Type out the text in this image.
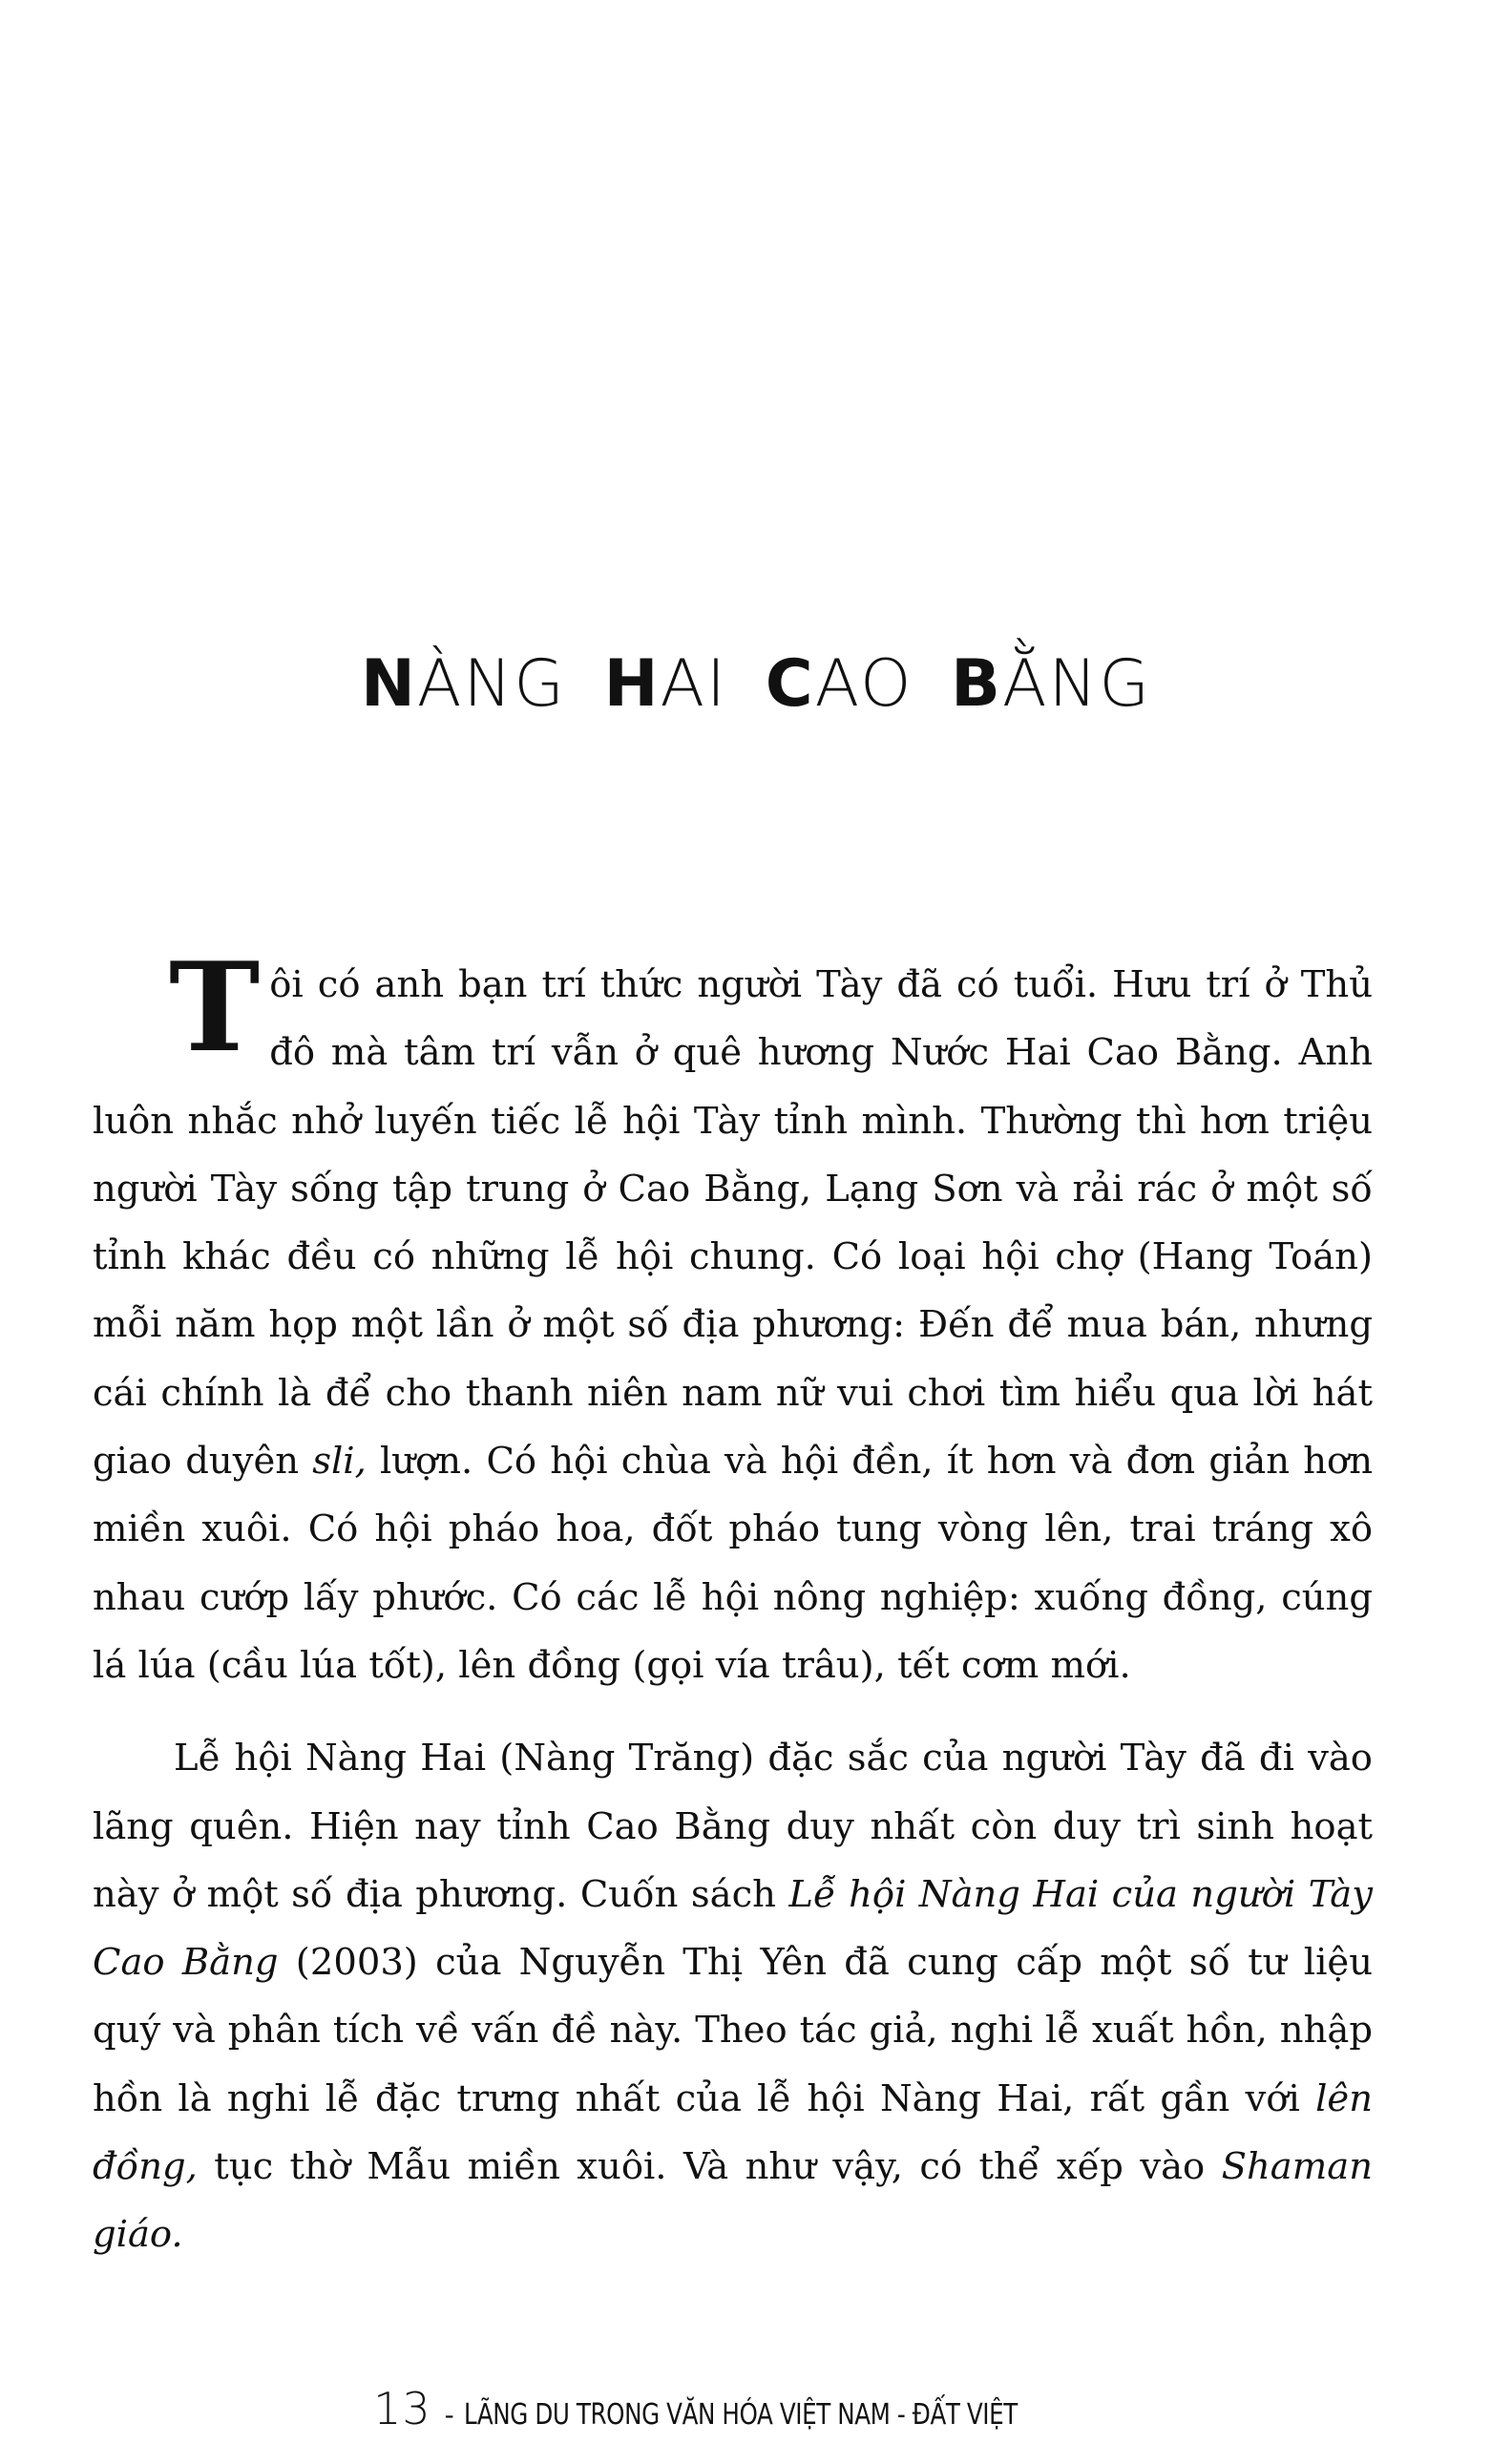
NÀNG HAI CAO BẰNG

Tôi có anh bạn trí thức người Tày đã có tuổi. Hưu trí ở Thủ đô mà tâm trí vẫn ở quê hương Nước Hai Cao Bằng. Anh luôn nhắc nhở luyến tiếc lễ hội Tày tỉnh mình. Thường thì hơn triệu người Tày sống tập trung ở Cao Bằng, Lạng Sơn và rải rác ở một số tỉnh khác đều có những lễ hội chung. Có loại hội chợ (Hang Toán) mỗi năm họp một lần ở một số địa phương: Đến để mua bán, nhưng cái chính là để cho thanh niên nam nữ vui chơi tìm hiểu qua lời hát giao duyên sli, lượn. Có hội chùa và hội đền, ít hơn và đơn giản hơn miền xuôi. Có hội pháo hoa, đốt pháo tung vòng lên, trai tráng xô nhau cướp lấy phước. Có các lễ hội nông nghiệp: xuống đồng, cúng lá lúa (cầu lúa tốt), lên đồng (gọi vía trâu), tết cơm mới.

Lễ hội Nàng Hai (Nàng Trăng) đặc sắc của người Tày đã đi vào lãng quên. Hiện nay tỉnh Cao Bằng duy nhất còn duy trì sinh hoạt này ở một số địa phương. Cuốn sách Lễ hội Nàng Hai của người Tày Cao Bằng (2003) của Nguyễn Thị Yên đã cung cấp một số tư liệu quý và phân tích về vấn đề này. Theo tác giả, nghi lễ xuất hồn, nhập hồn là nghi lễ đặc trưng nhất của lễ hội Nàng Hai, rất gần với lên đồng, tục thờ Mẫu miền xuôi. Và như vậy, có thể xếp vào Shaman giáo.

13 - LÃNG DU TRONG VĂN HÓA VIỆT NAM - ĐẤT VIỆT
